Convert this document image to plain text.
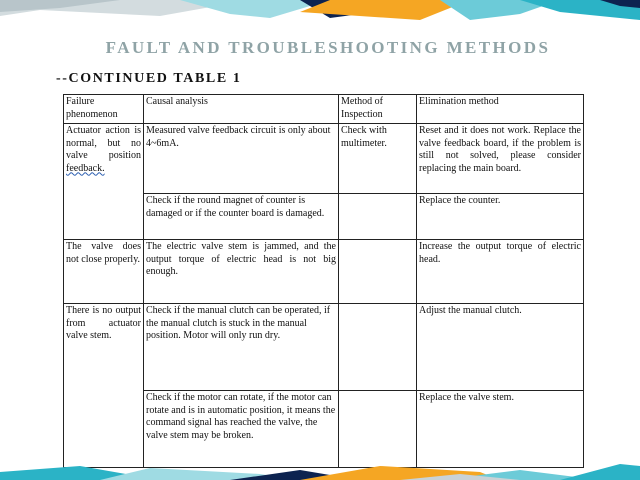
FAULT AND TROUBLESHOOTING METHODS
--CONTINUED TABLE 1
Failure phenomenon	Causal analysis	Method of Inspection	Elimination method
Actuator action is normal, but no valve position feedback.	Measured valve feedback circuit is only about 4~6mA.	Check with multimeter.	Reset and it does not work. Replace the valve feedback board, if the problem is still not solved, please consider replacing the main board.
	Check if the round magnet of counter is damaged or if the counter board is damaged.		Replace the counter.
The valve does not close properly.	The electric valve stem is jammed, and the output torque of electric head is not big enough.		Increase the output torque of electric head.
There is no output from actuator valve stem.	Check if the manual clutch can be operated, if the manual clutch is stuck in the manual position. Motor will only run dry.		Adjust the manual clutch.
	Check if the motor can rotate, if the motor can rotate and is in automatic position, it means the command signal has reached the valve, the valve stem may be broken.		Replace the valve stem.
